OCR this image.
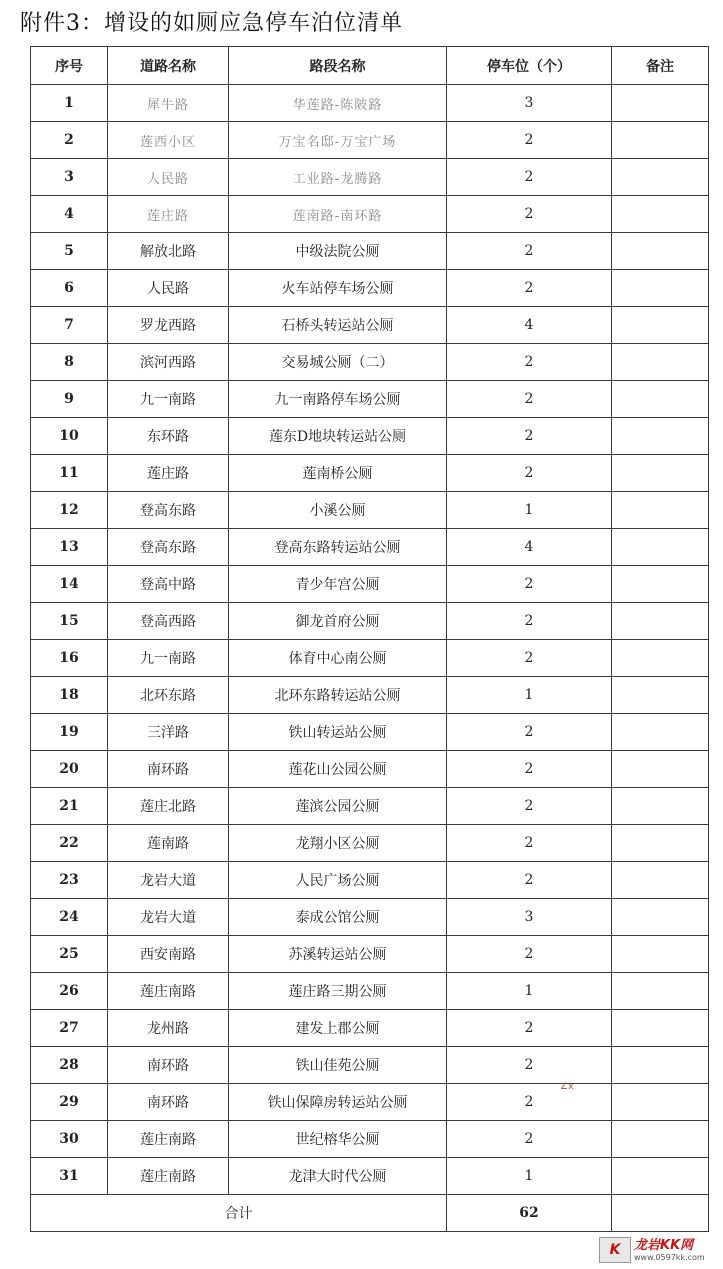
附件3：增设的如厕应急停车泊位清单
序号	道路名称	路段名称	停车位（个）	备注
1	犀牛路	华莲路-陈陂路	3	
2	莲西小区	万宝名邸-万宝广场	2	
3	人民路	工业路-龙腾路	2	
4	莲庄路	莲南路-南环路	2	
5	解放北路	中级法院公厕	2	
6	人民路	火车站停车场公厕	2	
7	罗龙西路	石桥头转运站公厕	4	
8	滨河西路	交易城公厕（二）	2	
9	九一南路	九一南路停车场公厕	2	
10	东环路	莲东D地块转运站公厕	2	
11	莲庄路	莲南桥公厕	2	
12	登高东路	小溪公厕	1	
13	登高东路	登高东路转运站公厕	4	
14	登高中路	青少年宫公厕	2	
15	登高西路	御龙首府公厕	2	
16	九一南路	体育中心南公厕	2	
18	北环东路	北环东路转运站公厕	1	
19	三洋路	铁山转运站公厕	2	
20	南环路	莲花山公园公厕	2	
21	莲庄北路	莲滨公园公厕	2	
22	莲南路	龙翔小区公厕	2	
23	龙岩大道	人民广场公厕	2	
24	龙岩大道	泰成公馆公厕	3	
25	西安南路	苏溪转运站公厕	2	
26	莲庄南路	莲庄路三期公厕	1	
27	龙州路	建发上郡公厕	2	
28	南环路	铁山佳苑公厕	2	
29	南环路	铁山保障房转运站公厕	2	
30	莲庄南路	世纪榕华公厕	2	
31	莲庄南路	龙津大时代公厕	1	
合计			62	
∠x
K	龙岩KK网
www.0597kk.com
